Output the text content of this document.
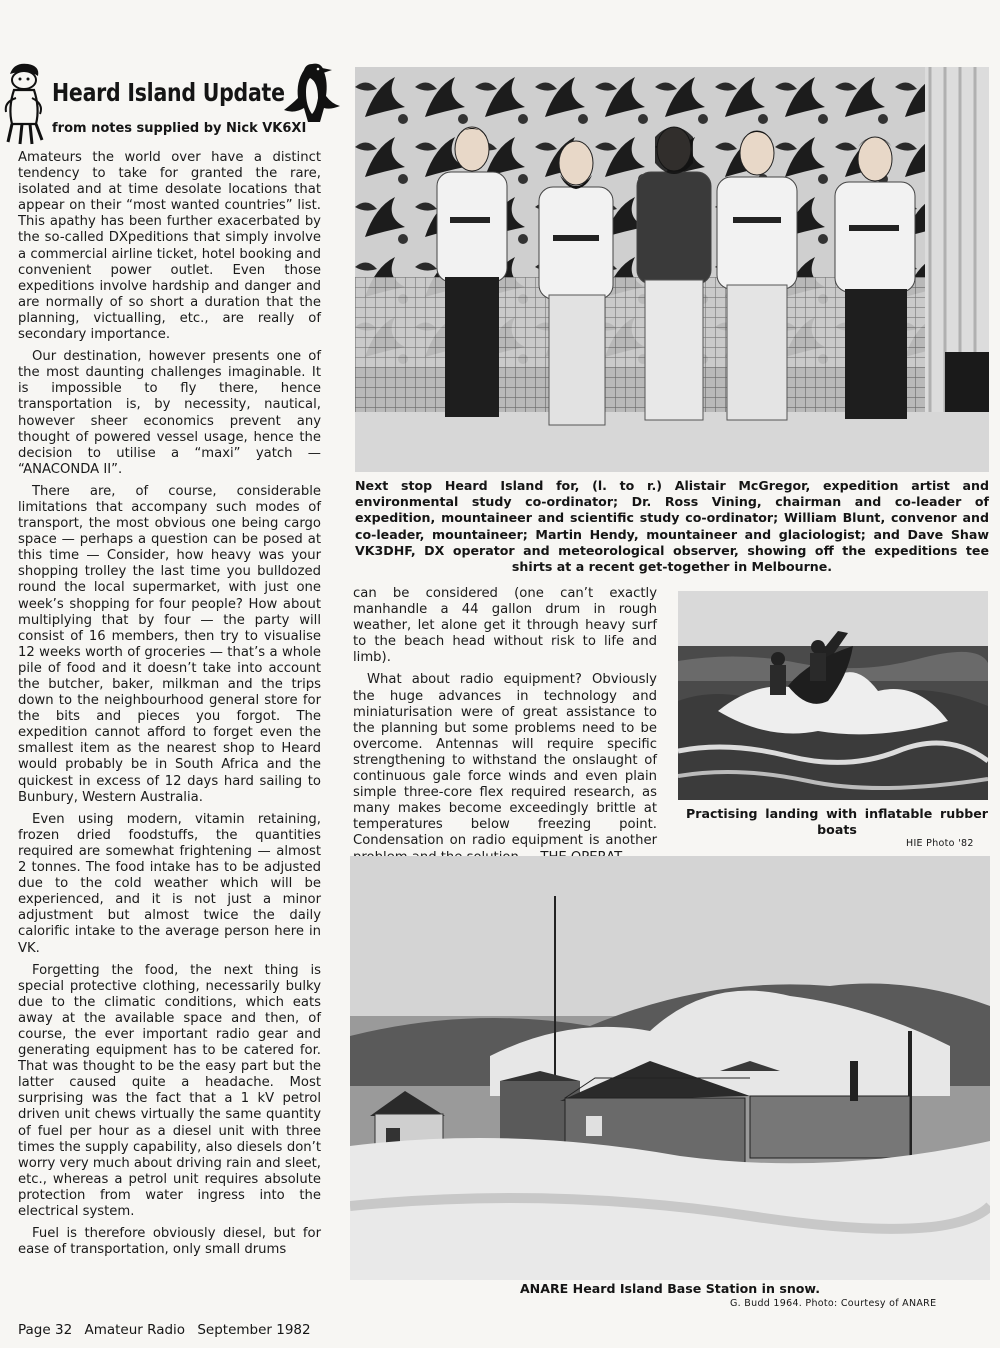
Heard Island Update
from notes supplied by Nick VK6XI

Amateurs the world over have a distinct tendency to take for granted the rare, isolated and at time desolate locations that appear on their “most wanted countries” list. This apathy has been further exacerbated by the so-called DXpeditions that simply involve a commercial airline ticket, hotel booking and convenient power outlet. Even those expeditions involve hardship and danger and are normally of so short a duration that the planning, victualling, etc., are really of secondary importance.

Our destination, however presents one of the most daunting challenges imaginable. It is impossible to fly there, hence transportation is, by necessity, nautical, however sheer economics prevent any thought of powered vessel usage, hence the decision to utilise a “maxi” yatch — “ANACONDA II”.

There are, of course, considerable limitations that accompany such modes of transport, the most obvious one being cargo space — perhaps a question can be posed at this time — Consider, how heavy was your shopping trolley the last time you bulldozed round the local supermarket, with just one week’s shopping for four people? How about multiplying that by four — the party will consist of 16 members, then try to visualise 12 weeks worth of groceries — that’s a whole pile of food and it doesn’t take into account the butcher, baker, milkman and the trips down to the neighbourhood general store for the bits and pieces you forgot. The expedition cannot afford to forget even the smallest item as the nearest shop to Heard would probably be in South Africa and the quickest in excess of 12 days hard sailing to Bunbury, Western Australia.

Even using modern, vitamin retaining, frozen dried foodstuffs, the quantities required are somewhat frightening — almost 2 tonnes. The food intake has to be adjusted due to the cold weather which will be experienced, and it is not just a minor adjustment but almost twice the daily calorific intake to the average person here in VK.

Forgetting the food, the next thing is special protective clothing, necessarily bulky due to the climatic conditions, which eats away at the available space and then, of course, the ever important radio gear and generating equipment has to be catered for. That was thought to be the easy part but the latter caused quite a headache. Most surprising was the fact that a 1 kV petrol driven unit chews virtually the same quantity of fuel per hour as a diesel unit with three times the supply capability, also diesels don’t worry very much about driving rain and sleet, etc., whereas a petrol unit requires absolute protection from water ingress into the electrical system.

Fuel is therefore obviously diesel, but for ease of transportation, only small drums

Next stop Heard Island for, (l. to r.) Alistair McGregor, expedition artist and environmental study co-ordinator; Dr. Ross Vining, chairman and co-leader of expedition, mountaineer and scientific study co-ordinator; William Blunt, convenor and co-leader, mountaineer; Martin Hendy, mountaineer and glaciologist; and Dave Shaw VK3DHF, DX operator and meteorological observer, showing off the expeditions tee shirts at a recent get-together in Melbourne.

can be considered (one can’t exactly manhandle a 44 gallon drum in rough weather, let alone get it through heavy surf to the beach head without risk to life and limb).

What about radio equipment? Obviously the huge advances in technology and miniaturisation were of great assistance to the planning but some problems need to be overcome. Antennas will require specific strengthening to withstand the onslaught of continuous gale force winds and even plain simple three-core flex required research, as many makes become exceedingly brittle at temperatures below freezing point. Condensation on radio equipment is another

Practising landing with inflatable rubber boats
HIE Photo '82
ANARE Heard Island Base Station in snow.
G. Budd 1964. Photo: Courtesy of ANARE
Page 32 Amateur Radio September 1982
